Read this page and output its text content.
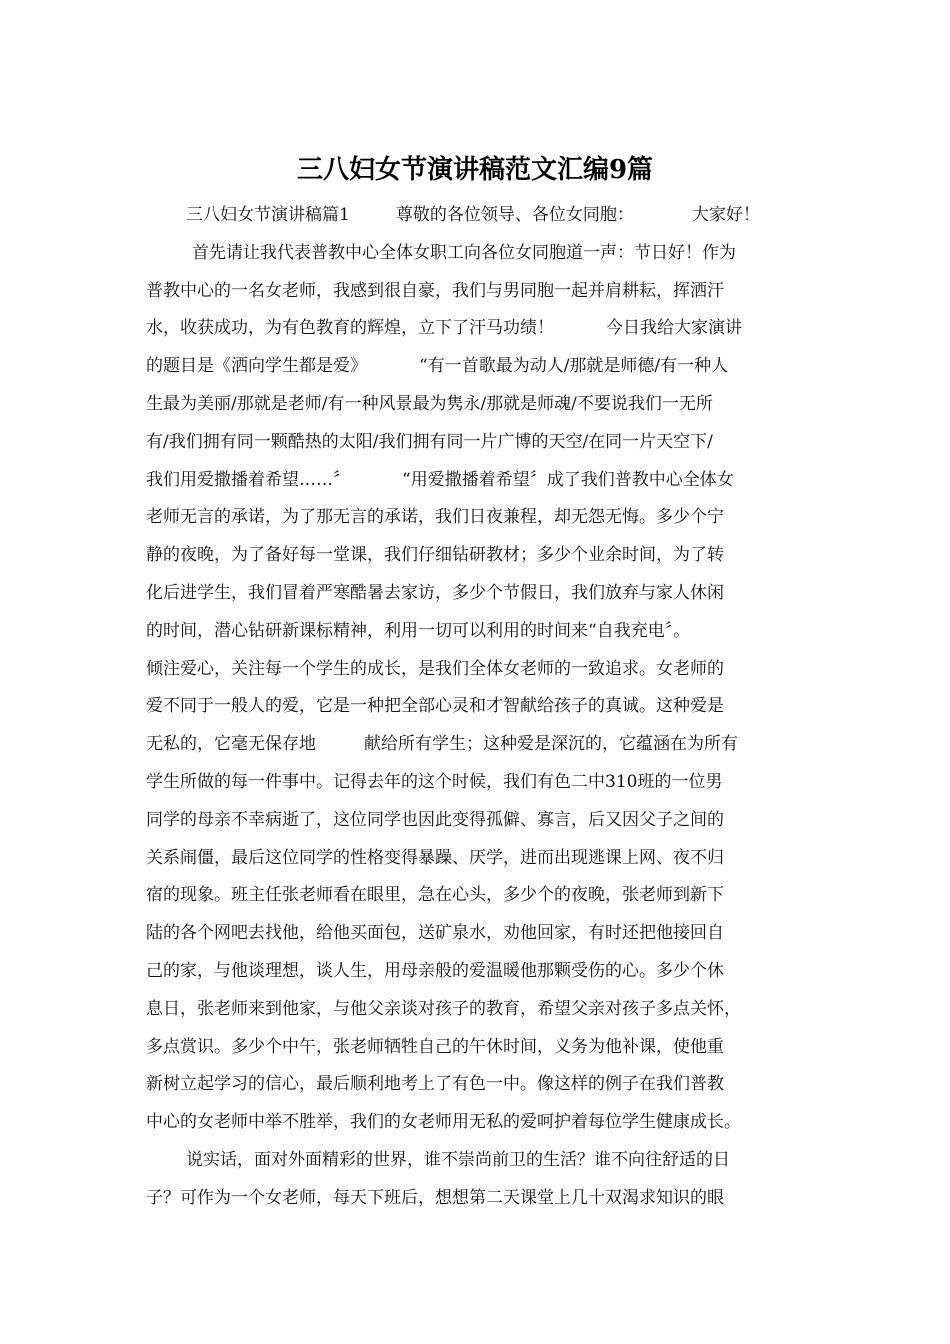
三八妇女节演讲稿范文汇编9篇
三八妇女节演讲稿篇1	尊敬的各位领导、各位女同胞：	大家好！
首先请让我代表普教中心全体女职工向各位女同胞道一声：节日好！作为
普教中心的一名女老师，我感到很自豪，我们与男同胞一起并肩耕耘，挥洒汗
水，收获成功，为有色教育的辉煌，立下了汗马功绩！	今日我给大家演讲
的题目是《洒向学生都是爱》	“有一首歌最为动人/那就是师德/有一种人
生最为美丽/那就是老师/有一种风景最为隽永/那就是师魂/不要说我们一无所
有/我们拥有同一颗酷热的太阳/我们拥有同一片广博的天空/在同一片天空下/
我们用爱撒播着希望……〞	“用爱撒播着希望〞成了我们普教中心全体女
老师无言的承诺，为了那无言的承诺，我们日夜兼程，却无怨无悔。多少个宁
静的夜晚，为了备好每一堂课，我们仔细钻研教材；多少个业余时间，为了转
化后进学生，我们冒着严寒酷暑去家访，多少个节假日，我们放弃与家人休闲
的时间，潜心钻研新课标精神，利用一切可以利用的时间来“自我充电〞。
倾注爱心，关注每一个学生的成长，是我们全体女老师的一致追求。女老师的
爱不同于一般人的爱，它是一种把全部心灵和才智献给孩子的真诚。这种爱是
无私的，它毫无保存地	献给所有学生；这种爱是深沉的，它蕴涵在为所有
学生所做的每一件事中。记得去年的这个时候，我们有色二中310班的一位男
同学的母亲不幸病逝了，这位同学也因此变得孤僻、寡言，后又因父子之间的
关系闹僵，最后这位同学的性格变得暴躁、厌学，进而出现逃课上网、夜不归
宿的现象。班主任张老师看在眼里，急在心头，多少个的夜晚，张老师到新下
陆的各个网吧去找他，给他买面包，送矿泉水，劝他回家，有时还把他接回自
己的家，与他谈理想，谈人生，用母亲般的爱温暖他那颗受伤的心。多少个休
息日，张老师来到他家，与他父亲谈对孩子的教育，希望父亲对孩子多点关怀，
多点赏识。多少个中午，张老师牺牲自己的午休时间，义务为他补课，使他重
新树立起学习的信心，最后顺利地考上了有色一中。像这样的例子在我们普教
中心的女老师中举不胜举，我们的女老师用无私的爱呵护着每位学生健康成长。
说实话，面对外面精彩的世界，谁不崇尚前卫的生活？谁不向往舒适的日
子？可作为一个女老师，每天下班后，想想第二天课堂上几十双渴求知识的眼
